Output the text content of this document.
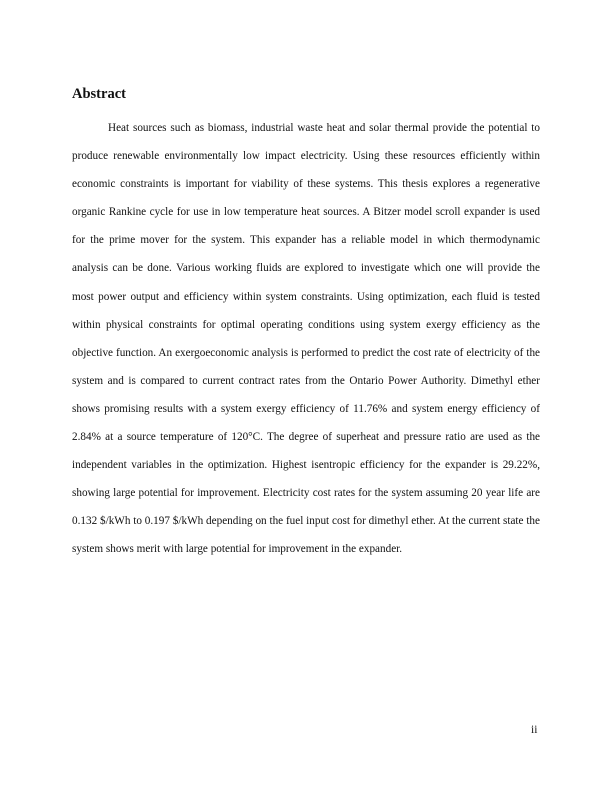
Abstract

Heat sources such as biomass, industrial waste heat and solar thermal provide the potential to produce renewable environmentally low impact electricity. Using these resources efficiently within economic constraints is important for viability of these systems. This thesis explores a regenerative organic Rankine cycle for use in low temperature heat sources. A Bitzer model scroll expander is used for the prime mover for the system. This expander has a reliable model in which thermodynamic analysis can be done. Various working fluids are explored to investigate which one will provide the most power output and efficiency within system constraints. Using optimization, each fluid is tested within physical constraints for optimal operating conditions using system exergy efficiency as the objective function. An exergoeconomic analysis is performed to predict the cost rate of electricity of the system and is compared to current contract rates from the Ontario Power Authority. Dimethyl ether shows promising results with a system exergy efficiency of 11.76% and system energy efficiency of 2.84% at a source temperature of 120°C. The degree of superheat and pressure ratio are used as the independent variables in the optimization. Highest isentropic efficiency for the expander is 29.22%, showing large potential for improvement. Electricity cost rates for the system assuming 20 year life are 0.132 $/kWh to 0.197 $/kWh depending on the fuel input cost for dimethyl ether. At the current state the system shows merit with large potential for improvement in the expander.

ii
